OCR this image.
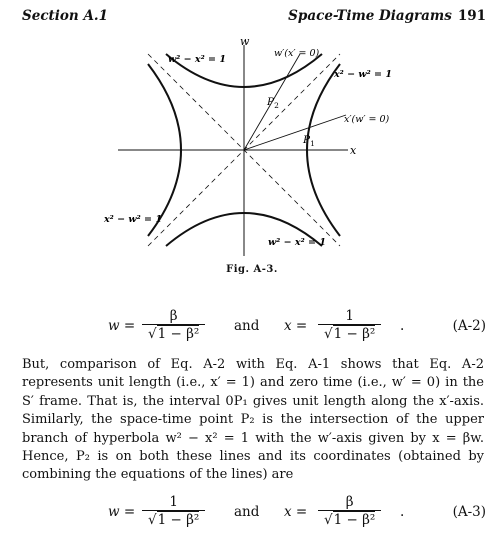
Section A.1	Space-Time Diagrams 191
w
x
w′(x′ = 0)
x′(w′ = 0)
$P_2$
$P_1$
w² − x² = 1
x² − w² = 1
x² − w² = 1
w² − x² = 1
Fig. A-3.
$w = \frac{\beta}{\text{√1 − β²}}$ and $x = \frac{1}{\text{√1 − β²}}$ .	(A-2)
But, comparison of Eq. A-2 with Eq. A-1 shows that Eq. A-2 represents unit length (i.e., x′ = 1) and zero time (i.e., w′ = 0) in the S′ frame. That is, the interval 0P₁ gives unit length along the x′-axis. Similarly, the space-time point P₂ is the intersection of the upper branch of hyperbola w² − x² = 1 with the w′-axis given by x = βw. Hence, P₂ is on both these lines and its coordinates (obtained by combining the equations of the lines) are
$w = \frac{1}{\text{√1 − β²}}$ and $x = \frac{\beta}{\text{√1 − β²}}$ .	(A-3)
